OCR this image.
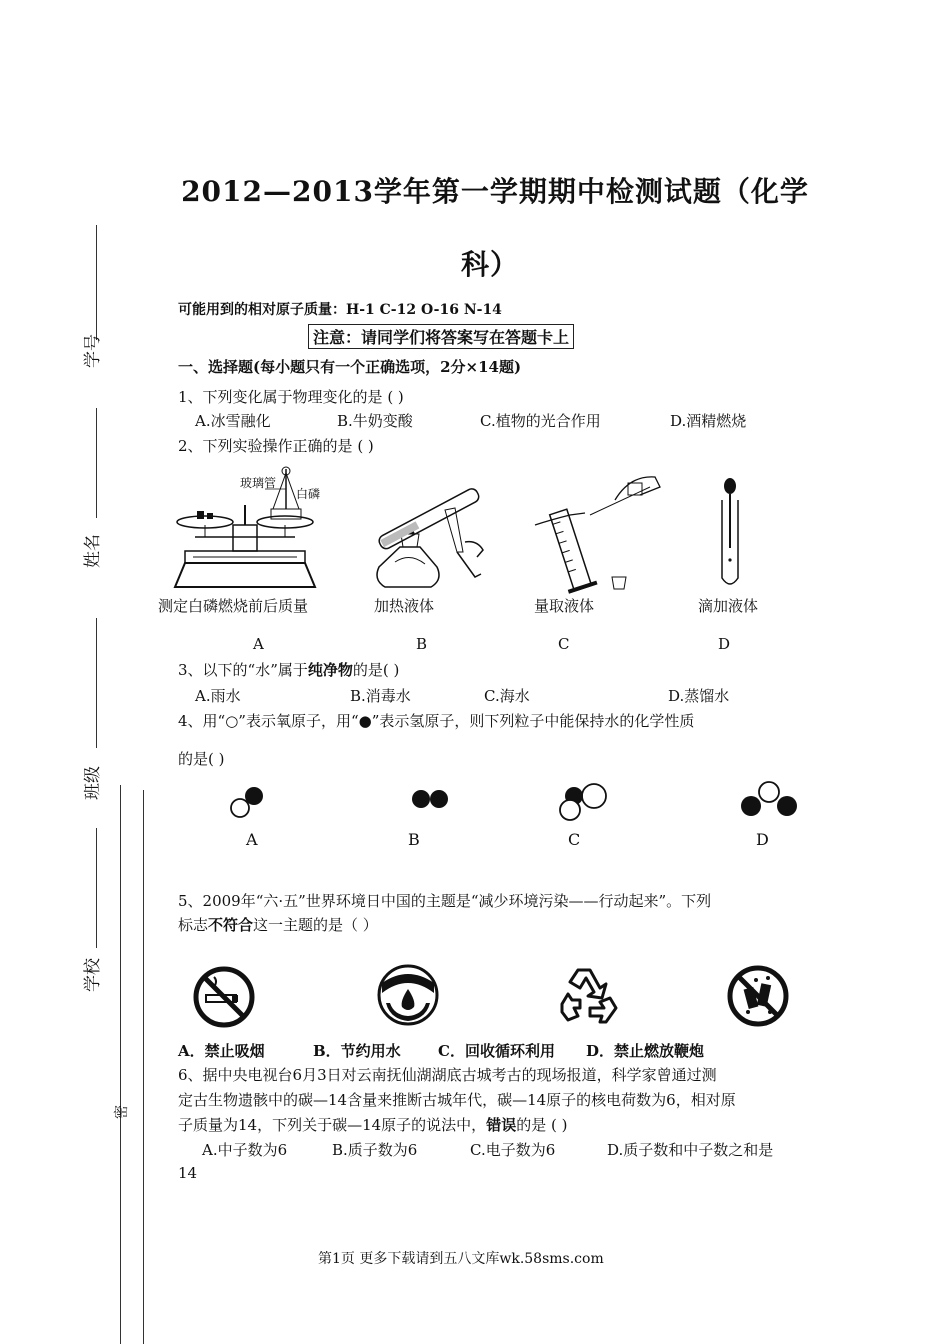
学号
姓名
班级
学校
密
2012—2013学年第一学期期中检测试题（化学
科）
可能用到的相对原子质量：H-1 C-12 O-16 N-14
注意：请同学们将答案写在答题卡上
一、选择题(每小题只有一个正确选项，2分×14题)
1、下列变化属于物理变化的是 ( )
A.冰雪融化	B.牛奶变酸	C.植物的光合作用	D.酒精燃烧
2、下列实验操作正确的是 ( )
玻璃管
白磷
测定白磷燃烧前后质量	加热液体	量取液体	滴加液体
A	B	C	D
3、以下的“水”属于纯净物的是( )
A.雨水	B.消毒水	C.海水	D.蒸馏水
4、用“○”表示氧原子，用“●”表示氢原子，则下列粒子中能保持水的化学性质
的是( )
A	B	C	D
5、2009年“六·五”世界环境日中国的主题是“减少环境污染——行动起来”。下列
标志不符合这一主题的是（ ）
A．禁止吸烟	B．节约用水 C．回收循环利用 D．禁止燃放鞭炮
6、据中央电视台6月3日对云南抚仙湖湖底古城考古的现场报道，科学家曾通过测
定古生物遗骸中的碳—14含量来推断古城年代，碳—14原子的核电荷数为6，相对原
子质量为14，下列关于碳—14原子的说法中，错误的是 ( )
A.中子数为6	B.质子数为6	C.电子数为6	D.质子数和中子数之和是
14
第1页 更多下载请到五八文库wk.58sms.com
